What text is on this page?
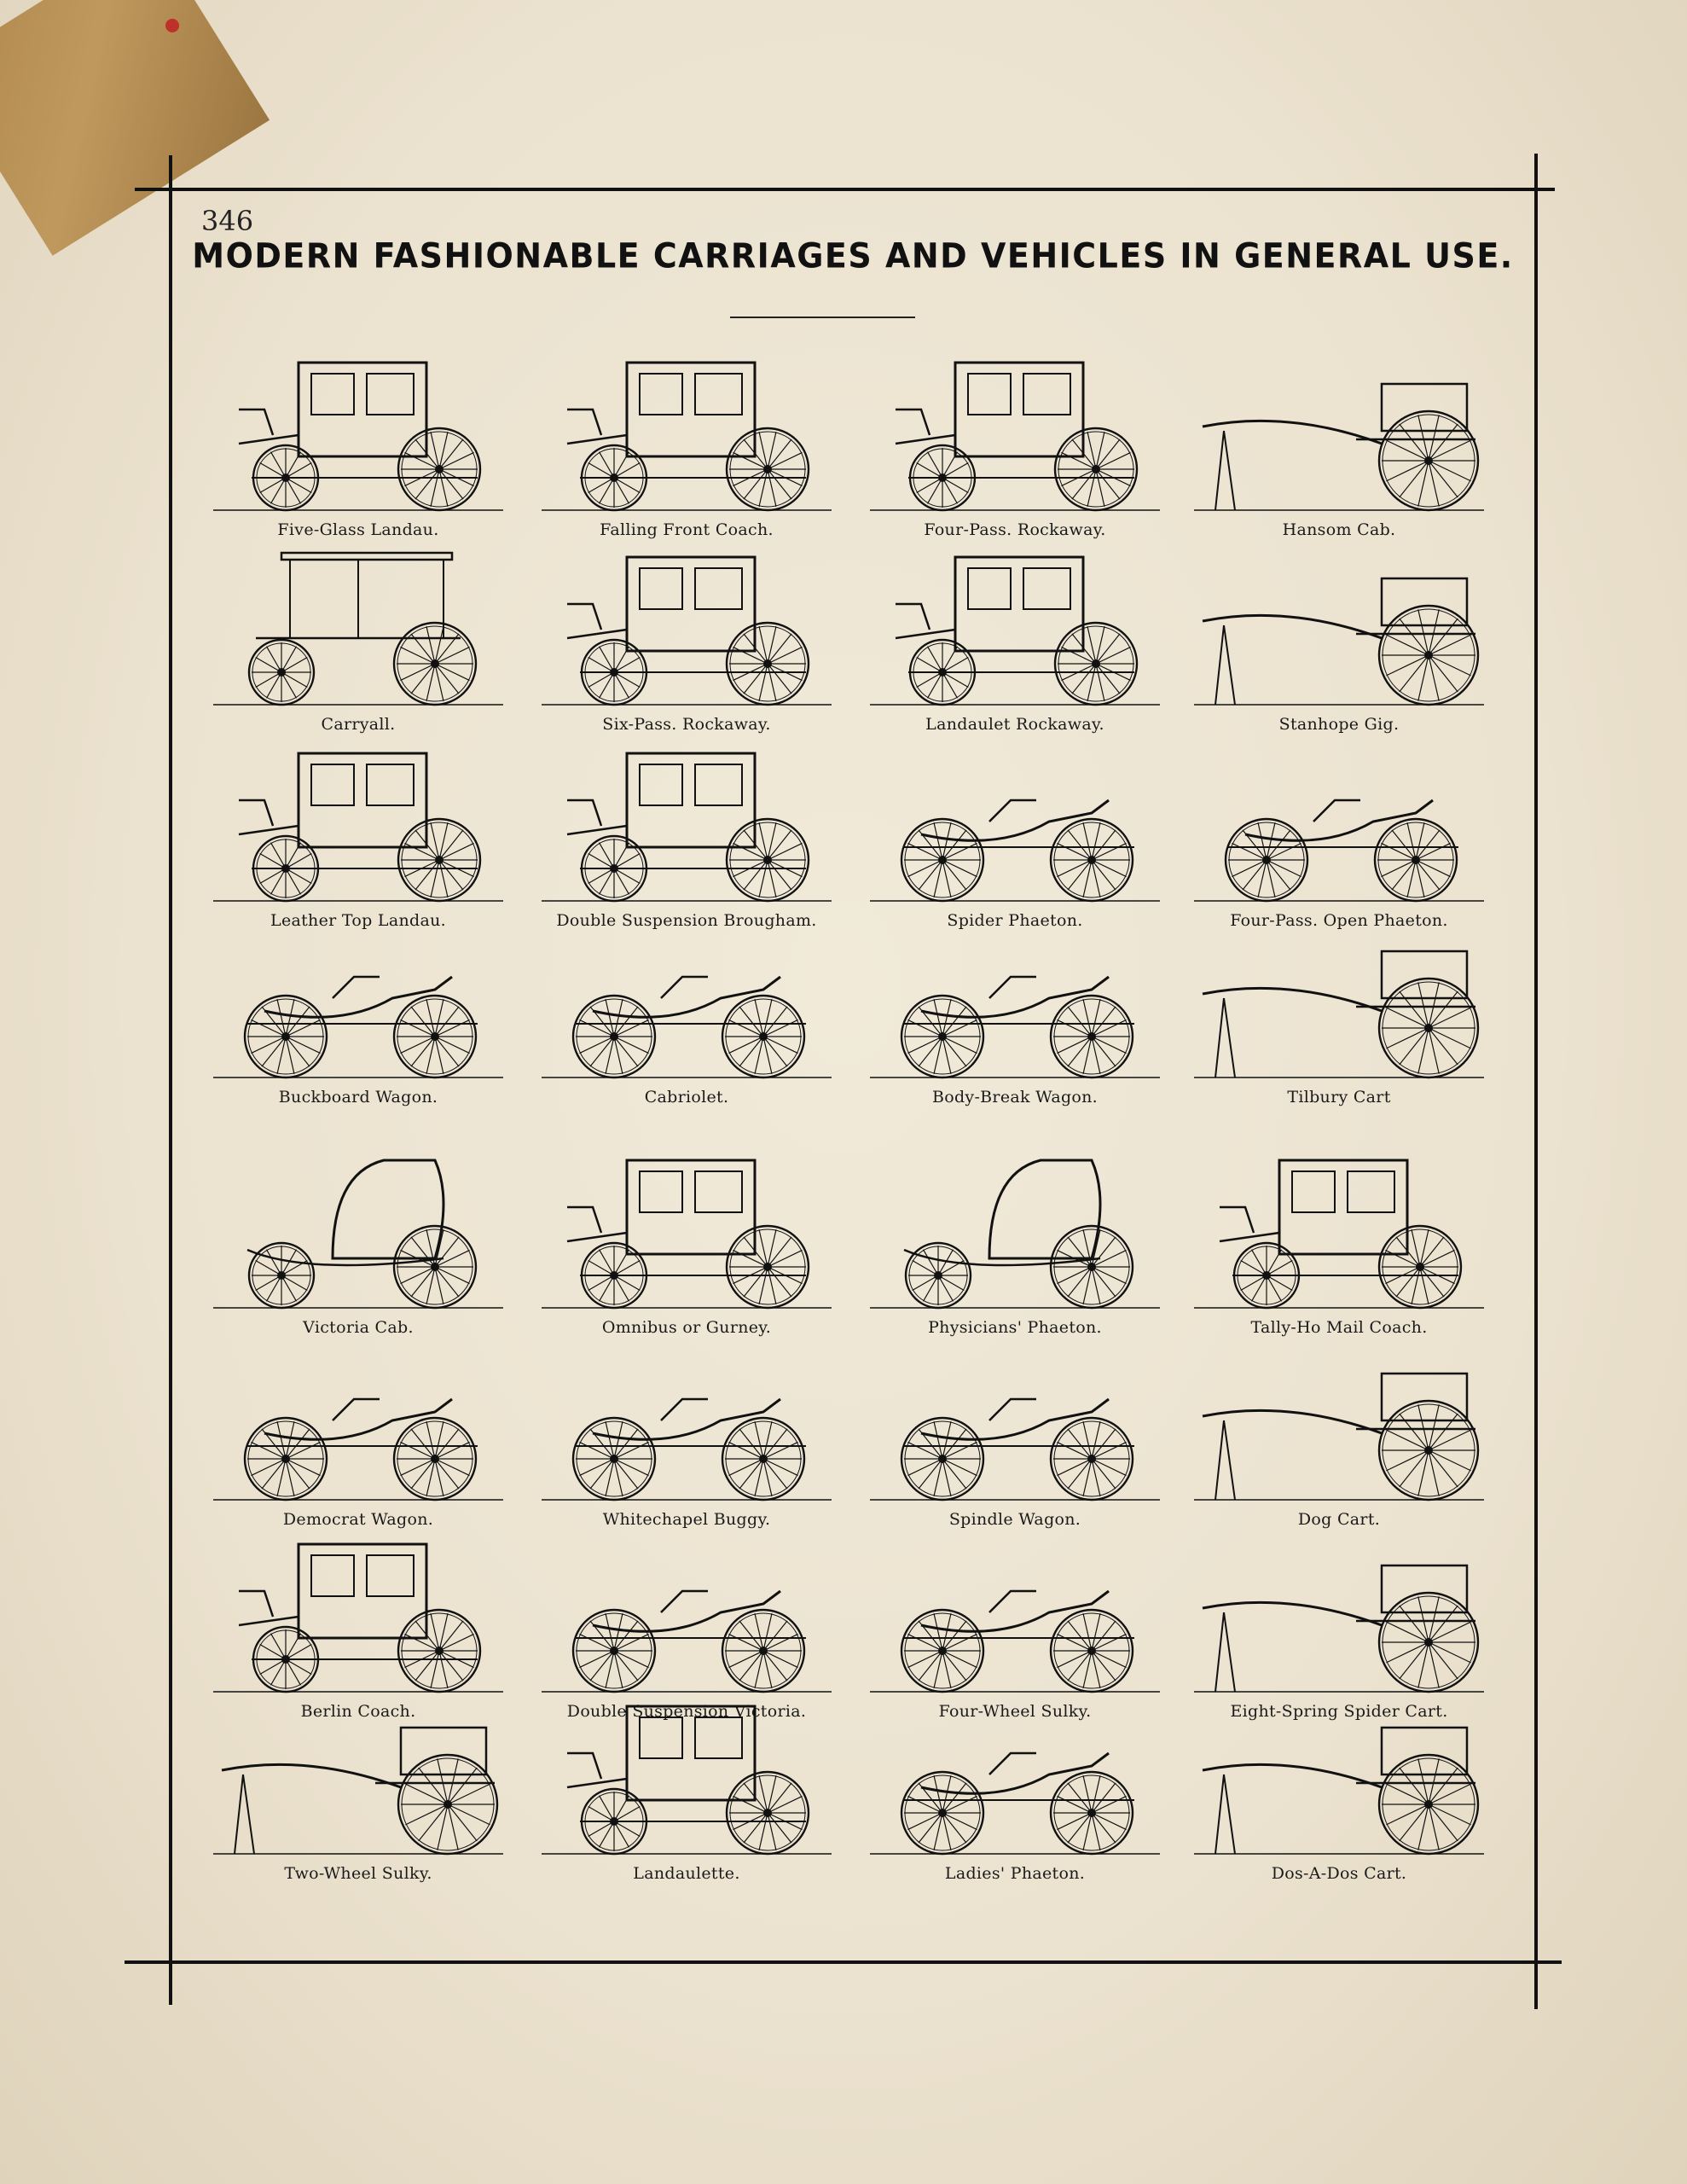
346
MODERN FASHIONABLE CARRIAGES AND VEHICLES IN GENERAL USE.
Five-Glass Landau.	Falling Front Coach.	Four-Pass. Rockaway.	Hansom Cab.
Carryall.	Six-Pass. Rockaway.	Landaulet Rockaway.	Stanhope Gig.
Leather Top Landau.	Double Suspension Brougham.	Spider Phaeton.	Four-Pass. Open Phaeton.
Buckboard Wagon.	Cabriolet.	Body-Break Wagon.	Tilbury Cart
Victoria Cab.	Omnibus or Gurney.	Physicians' Phaeton.	Tally-Ho Mail Coach.
Democrat Wagon.	Whitechapel Buggy.	Spindle Wagon.	Dog Cart.
Berlin Coach.	Double Suspension Victoria.	Four-Wheel Sulky.	Eight-Spring Spider Cart.
Two-Wheel Sulky.	Landaulette.	Ladies' Phaeton.	Dos-A-Dos Cart.
